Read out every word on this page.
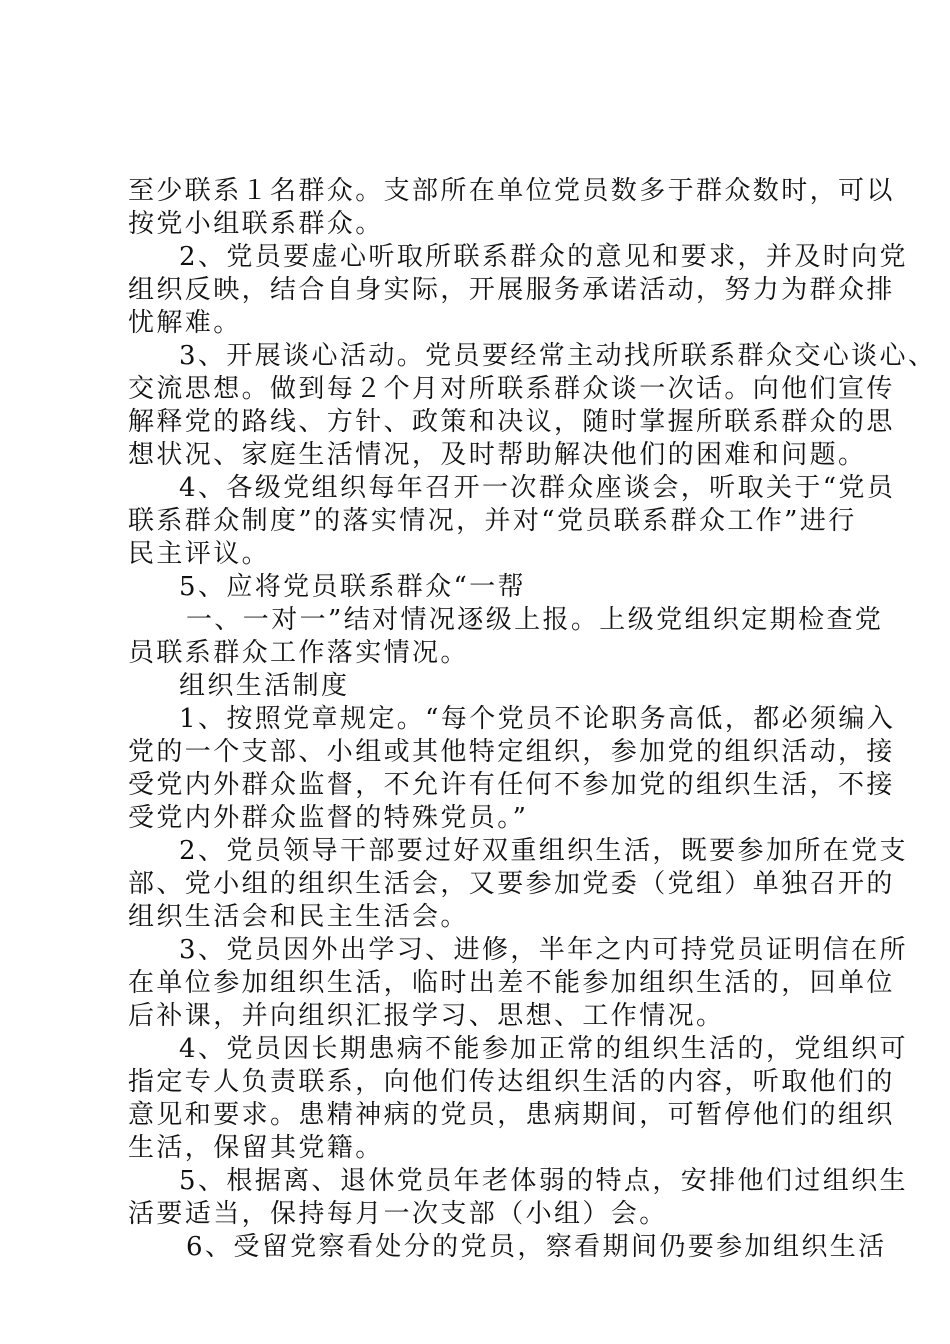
至少联系１名群众。支部所在单位党员数多于群众数时，可以
按党小组联系群众。
2、党员要虚心听取所联系群众的意见和要求，并及时向党
组织反映，结合自身实际，开展服务承诺活动，努力为群众排
忧解难。
3、开展谈心活动。党员要经常主动找所联系群众交心谈心、
交流思想。做到每２个月对所联系群众谈一次话。向他们宣传
解释党的路线、方针、政策和决议，随时掌握所联系群众的思
想状况、家庭生活情况，及时帮助解决他们的困难和问题。
4、各级党组织每年召开一次群众座谈会，听取关于“党员
联系群众制度”的落实情况，并对“党员联系群众工作”进行
民主评议。
5、应将党员联系群众“一帮
一、一对一”结对情况逐级上报。上级党组织定期检查党
员联系群众工作落实情况。
组织生活制度
1、按照党章规定。“每个党员不论职务高低，都必须编入
党的一个支部、小组或其他特定组织，参加党的组织活动，接
受党内外群众监督，不允许有任何不参加党的组织生活，不接
受党内外群众监督的特殊党员。”
2、党员领导干部要过好双重组织生活，既要参加所在党支
部、党小组的组织生活会，又要参加党委（党组）单独召开的
组织生活会和民主生活会。
3、党员因外出学习、进修，半年之内可持党员证明信在所
在单位参加组织生活，临时出差不能参加组织生活的，回单位
后补课，并向组织汇报学习、思想、工作情况。
4、党员因长期患病不能参加正常的组织生活的，党组织可
指定专人负责联系，向他们传达组织生活的内容，听取他们的
意见和要求。患精神病的党员，患病期间，可暂停他们的组织
生活，保留其党籍。
5、根据离、退休党员年老体弱的特点，安排他们过组织生
活要适当，保持每月一次支部（小组）会。
6、受留党察看处分的党员，察看期间仍要参加组织生活
